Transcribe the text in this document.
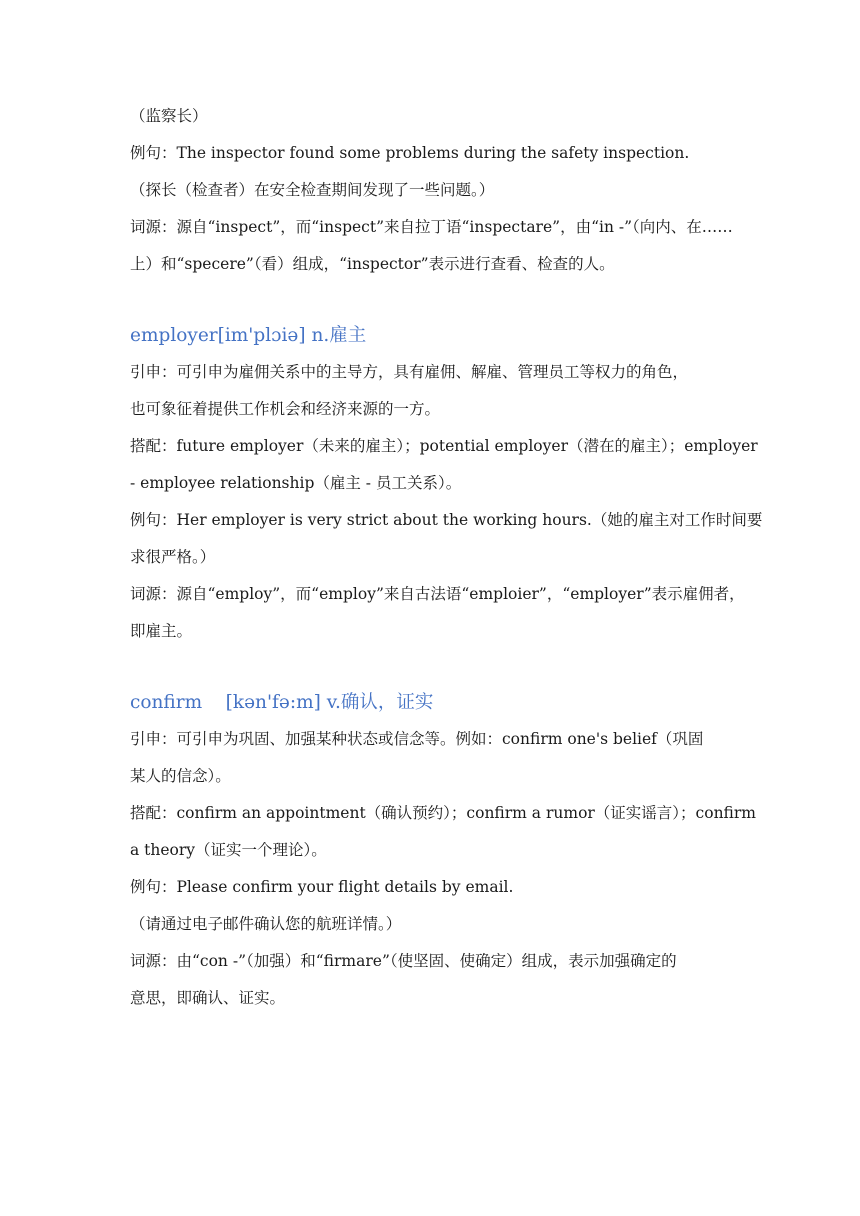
（监察长）
例句：The inspector found some problems during the safety inspection.
（探长（检查者）在安全检查期间发现了一些问题。）
词源：源自“inspect”，而“inspect”来自拉丁语“inspectare”，由“in -”（向内、在……
上）和“specere”（看）组成，“inspector”表示进行查看、检查的人。
employer[im'plɔiə] n.雇主
引申：可引申为雇佣关系中的主导方，具有雇佣、解雇、管理员工等权力的角色，
也可象征着提供工作机会和经济来源的一方。
搭配：future employer（未来的雇主）；potential employer（潜在的雇主）；employer
- employee relationship（雇主 - 员工关系）。
例句：Her employer is very strict about the working hours.（她的雇主对工作时间要
求很严格。）
词源：源自“employ”，而“employ”来自古法语“emploier”，“employer”表示雇佣者，
即雇主。
confirm    [kən'fə:m] v.确认，证实
引申：可引申为巩固、加强某种状态或信念等。例如：confirm one's belief（巩固
某人的信念）。
搭配：confirm an appointment（确认预约）；confirm a rumor（证实谣言）；confirm
a theory（证实一个理论）。
例句：Please confirm your flight details by email.
（请通过电子邮件确认您的航班详情。）
词源：由“con -”（加强）和“firmare”（使坚固、使确定）组成，表示加强确定的
意思，即确认、证实。
